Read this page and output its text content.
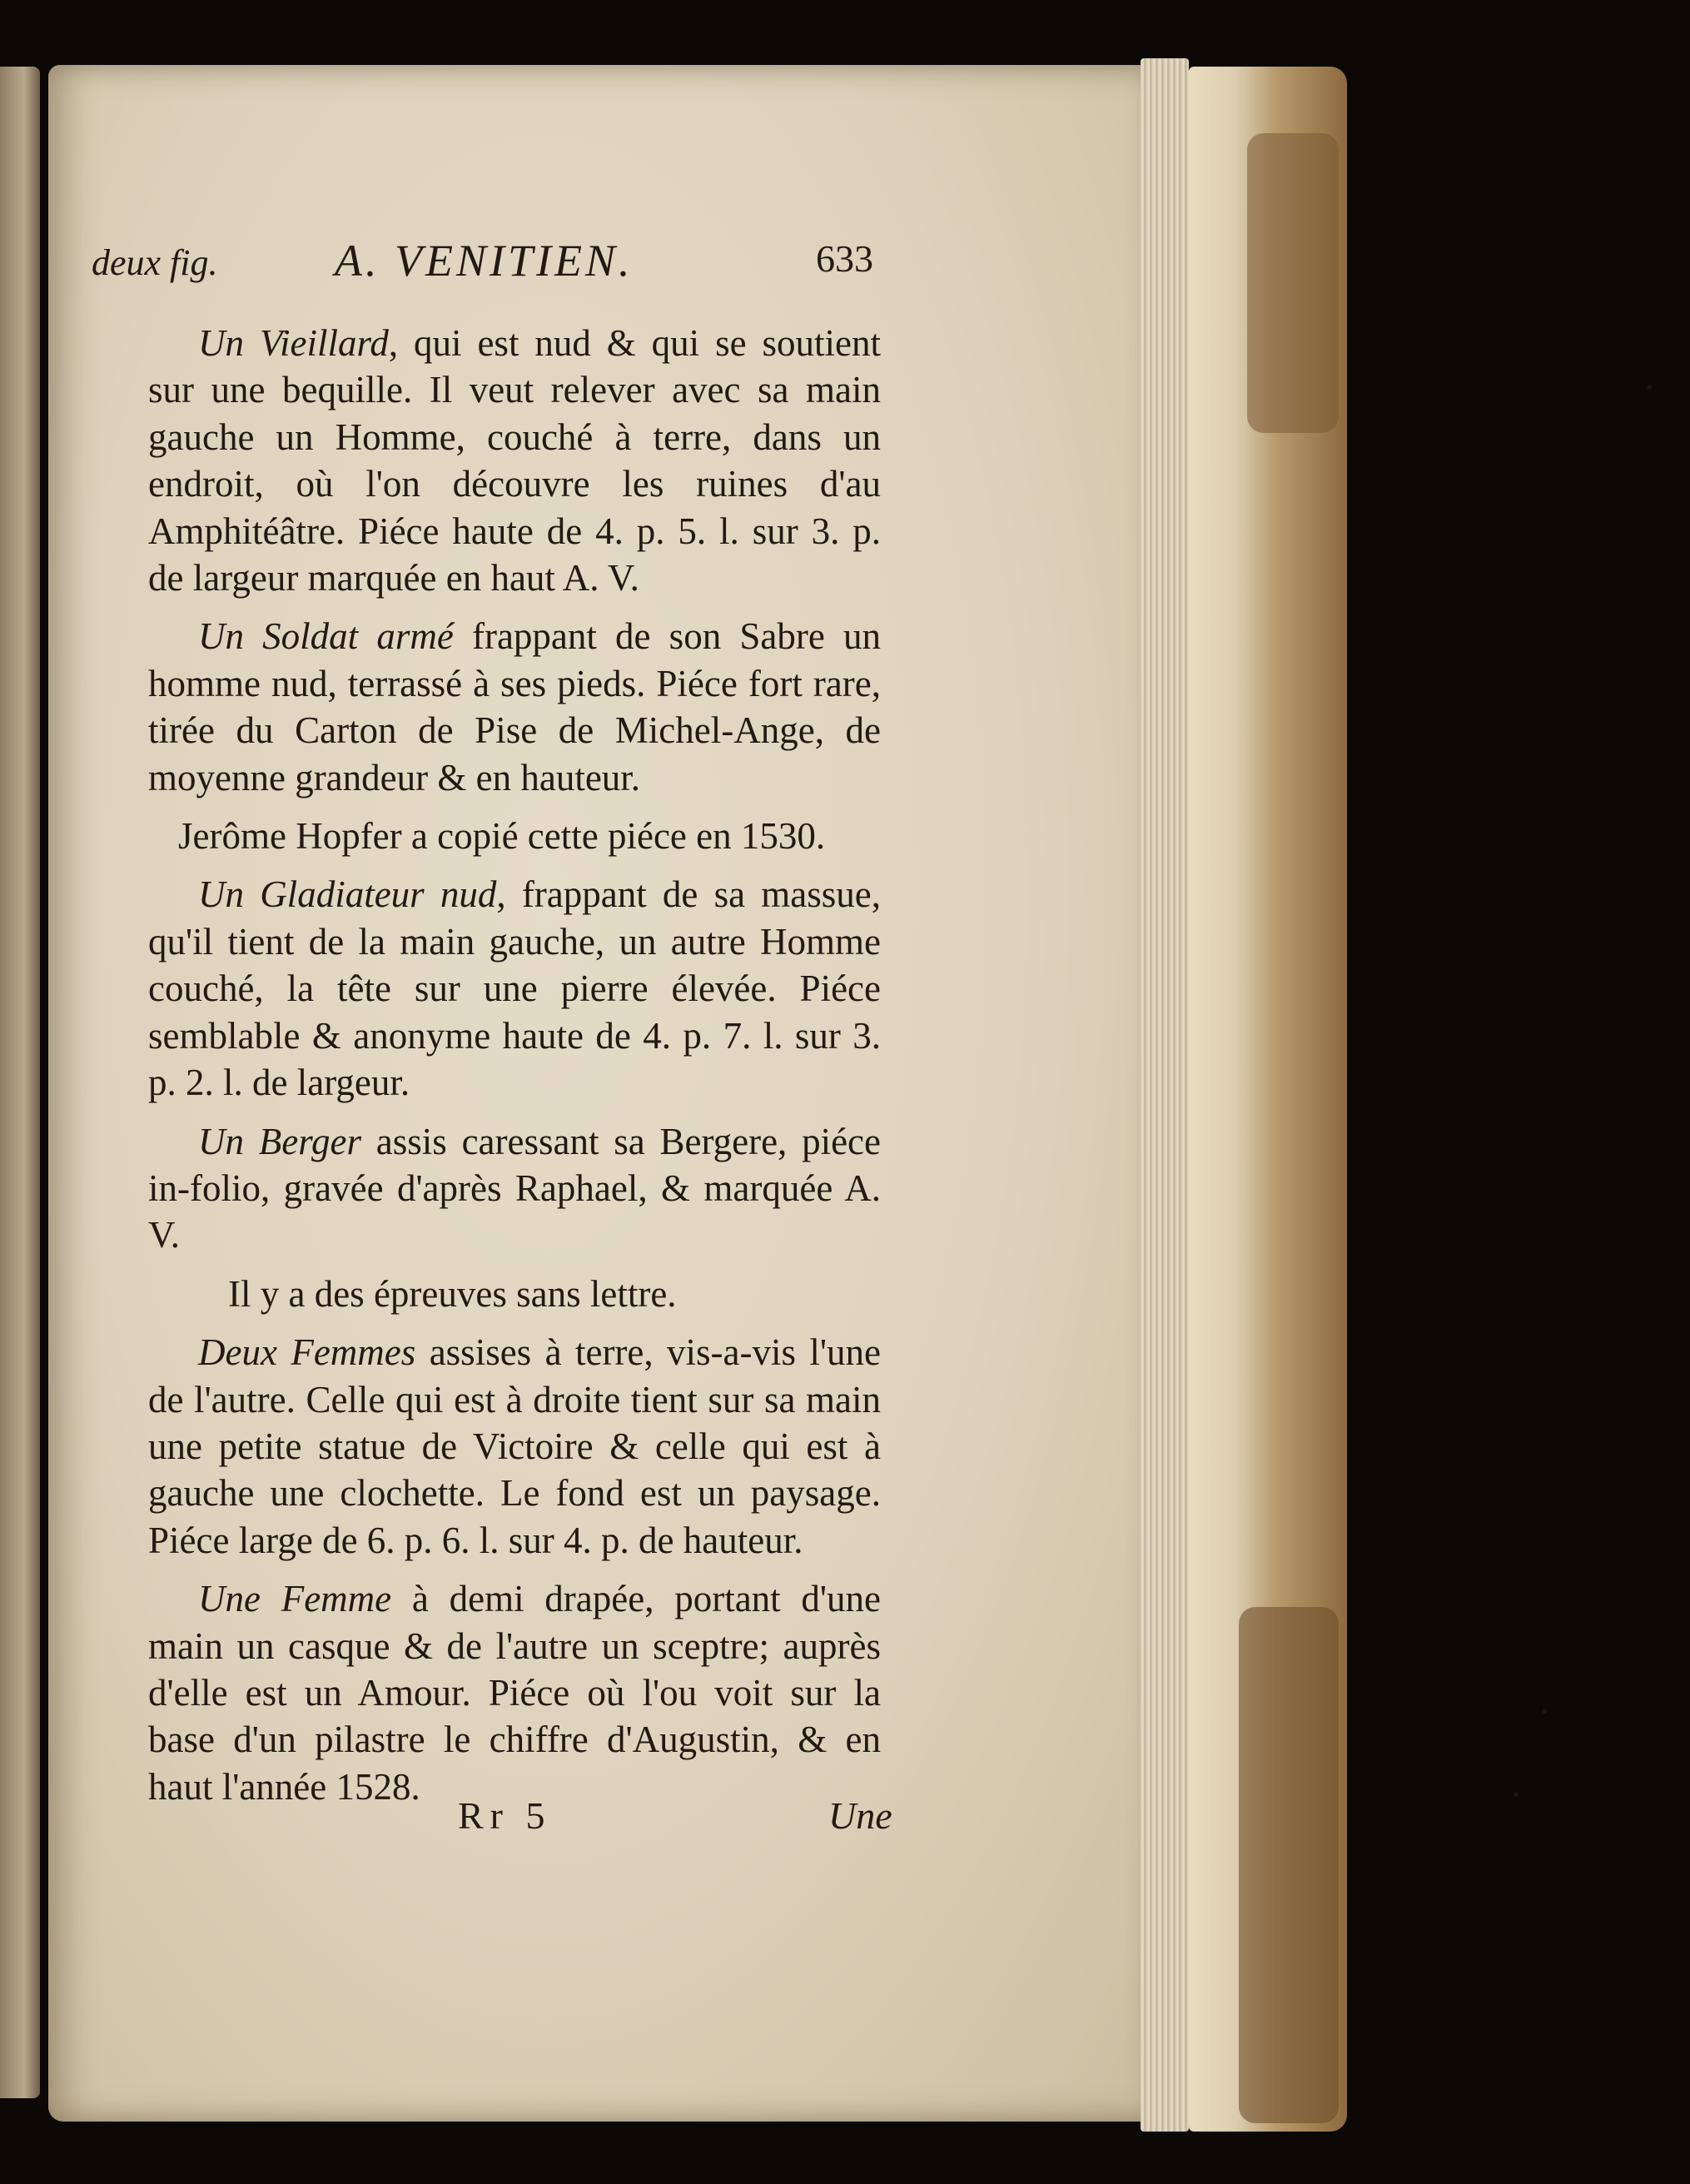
deux fig.	A. VENITIEN.	633

Un Vieillard, qui est nud & qui se soutient sur une bequille. Il veut relever avec sa main gauche un Homme, couché à terre, dans un endroit, où l'on découvre les ruines d'au Amphitéâtre. Piéce haute de 4. p. 5. l. sur 3. p. de largeur marquée en haut A. V.

Un Soldat armé frappant de son Sabre un homme nud, terrassé à ses pieds. Piéce fort rare, tirée du Carton de Pise de Michel-Ange, de moyenne grandeur & en hauteur.

Jerôme Hopfer a copié cette piéce en 1530.

Un Gladiateur nud, frappant de sa massue, qu'il tient de la main gauche, un autre Homme couché, la tête sur une pierre élevée. Piéce semblable & anonyme haute de 4. p. 7. l. sur 3. p. 2. l. de largeur.

Un Berger assis caressant sa Bergere, piéce in-folio, gravée d'après Raphael, & marquée A. V.

Il y a des épreuves sans lettre.

Deux Femmes assises à terre, vis-a-vis l'une de l'autre. Celle qui est à droite tient sur sa main une petite statue de Victoire & celle qui est à gauche une clochette. Le fond est un paysage. Piéce large de 6. p. 6. l. sur 4. p. de hauteur.

Une Femme à demi drapée, portant d'une main un casque & de l'autre un sceptre; auprès d'elle est un Amour. Piéce où l'ou voit sur la base d'un pilastre le chiffre d'Augustin, & en haut l'année 1528.

Rr 5	Une
